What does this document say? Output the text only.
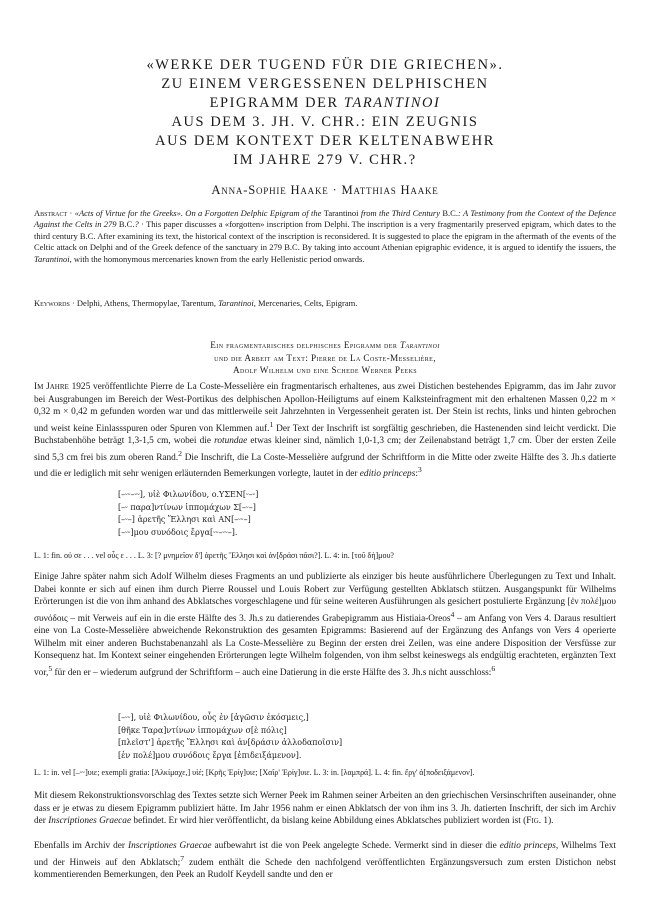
«WERKE DER TUGEND FÜR DIE GRIECHEN».
ZU EINEM VERGESSENEN DELPHISCHEN
EPIGRAMM DER TARANTINOI
AUS DEM 3. JH. V. CHR.: EIN ZEUGNIS
AUS DEM KONTEXT DER KELTENABWEHR
IM JAHRE 279 V. CHR.?
Anna-Sophie Haake · Matthias Haake
Abstract · «Acts of Virtue for the Greeks». On a Forgotten Delphic Epigram of the Tarantinoi from the Third Century B.C.: A Testimony from the Context of the Defence Against the Celts in 279 B.C.? · This paper discusses a «forgotten» inscription from Delphi. The inscription is a very fragmentarily preserved epigram, which dates to the third century B.C. After examining its text, the historical context of the inscription is reconsidered. It is suggested to place the epigram in the aftermath of the events of the Celtic attack on Delphi and of the Greek defence of the sanctuary in 279 B.C. By taking into account Athenian epigraphic evidence, it is argued to identify the issuers, the Tarantinoi, with the homonymous mercenaries known from the early Hellenistic period onwards.
Keywords · Delphi, Athens, Thermopylae, Tarentum, Tarantinoi, Mercenaries, Celts, Epigram.
Ein fragmentarisches delphisches Epigramm der Tarantinoi
und die Arbeit am Text: Pierre de La Coste-Messelière,
Adolf Wilhelm und eine Schede Werner Peeks

Im Jahre 1925 veröffentlichte Pierre de La Coste-Messelière ein fragmentarisch erhaltenes, aus zwei Distichen bestehendes Epigramm, das im Jahr zuvor bei Ausgrabungen im Bereich der West-Portikus des delphischen Apollon-Heiligtums auf einem Kalksteinfragment mit den erhaltenen Massen 0,22 m × 0,32 m × 0,42 m gefunden worden war und das mittlerweile seit Jahrzehnten in Vergessenheit geraten ist. Der Stein ist rechts, links und hinten gebrochen und weist keine Einlassspuren oder Spuren von Klemmen auf.$^1$ Der Text der Inschrift ist sorgfältig geschrieben, die Hastenenden sind leicht verdickt. Die Buchstabenhöhe beträgt 1,3-1,5 cm, wobei die rotundae etwas kleiner sind, nämlich 1,0-1,3 cm; der Zeilenabstand beträgt 1,7 cm. Über der ersten Zeile sind 5,3 cm frei bis zum oberen Rand.$^2$ Die Inschrift, die La Coste-Messelière aufgrund der Schriftform in die Mitte oder zweite Hälfte des 3. Jh.s datierte und die er lediglich mit sehr wenigen erläuternden Bemerkungen vorlegte, lautet in der editio princeps:$^3$

[–⏑⏑–⏑⏑], υἱὲ Φιλωνίδου, ο.ΥΣΕΝ[⏑–⏑]
[–⏑ παρα]ντίνων ἱππομάχων Σ[–⏑–]
[–⏑–] ἀρετῆς Ἕλλησι καὶ ΑΝ[–⏑⏑–]
[–⏑⏑]μου συνόδοις ἔργα[⏑⏑–⏑⏑–].
L. 1: fin. οὐ σε . . . vel οὖς ε . . . L. 3: [? μνημεῖον δ'] ἀρετῆς Ἕλλησι καὶ ἀν[δράσι πᾶσι?]. L. 4: in. [τοῦ δὴ]μου?

Einige Jahre später nahm sich Adolf Wilhelm dieses Fragments an und publizierte als einziger bis heute ausführlichere Überlegungen zu Text und Inhalt. Dabei konnte er sich auf einen ihm durch Pierre Roussel und Louis Robert zur Verfügung gestellten Abklatsch stützen. Ausgangspunkt für Wilhelms Erörterungen ist die von ihm anhand des Abklatsches vorgeschlagene und für seine weiteren Ausführungen als gesichert postulierte Ergänzung [ἐν πολέ]μου συνόδοις – mit Verweis auf ein in die erste Hälfte des 3. Jh.s zu datierendes Grabepigramm aus Histiaia-Oreos$^4$ – am Anfang von Vers 4. Daraus resultiert eine von La Coste-Messelière abweichende Rekonstruktion des gesamten Epigramms: Basierend auf der Ergänzung des Anfangs von Vers 4 operierte Wilhelm mit einer anderen Buchstabenanzahl als La Coste-Messelière zu Beginn der ersten drei Zeilen, was eine andere Disposition der Versfüsse zur Konsequenz hat. Im Kontext seiner eingehenden Erörterungen legte Wilhelm folgenden, von ihm selbst keineswegs als endgültig erachteten, ergänzten Text vor,$^5$ für den er – wiederum aufgrund der Schriftform – auch eine Datierung in die erste Hälfte des 3. Jh.s nicht ausschloss:$^6$

[–⏑⏑], υἱὲ Φιλωνίδου, οὗς ἐν [ἀγῶσιν ἐκόσμεις,]
[θῆκε Ταρα]ντίνων ἱππομάχων σ[ὲ πόλις]
[πλεῖστ'] ἀρετῆς Ἕλλησι καὶ ἀν[δράσιν ἀλλοδαποῖσιν]
[ἐν πολέ]μου συνόδοις ἔργα [ἐπιδειξάμενον].
L. 1: in. vel [–⏑⏑]υιε; exempli gratia: [Ἀλκίμαχε,] υἱέ; [Κρῆς Ἐρίγ]υιε; [Χαῖρ' Ἐρίγ]υιε. L. 3: in. [λαμπρά]. L. 4: fin. ἔργ' ἀ[ποδειξάμενον].

Mit diesem Rekonstruktionsvorschlag des Textes setzte sich Werner Peek im Rahmen seiner Arbeiten an den griechischen Versinschriften auseinander, ohne dass er je etwas zu diesem Epigramm publiziert hätte. Im Jahr 1956 nahm er einen Abklatsch der von ihm ins 3. Jh. datierten Inschrift, der sich im Archiv der Inscriptiones Graecae befindet. Er wird hier veröffentlicht, da bislang keine Abbildung eines Abklatsches publiziert worden ist (Fig. 1).

Ebenfalls im Archiv der Inscriptiones Graecae aufbewahrt ist die von Peek angelegte Schede. Vermerkt sind in dieser die editio princeps, Wilhelms Text und der Hinweis auf den Abklatsch;$^7$ zudem enthält die Schede den nachfolgend veröffentlichten Ergänzungsversuch zum ersten Distichon nebst kommentierenden Bemerkungen, den Peek an Rudolf Keydell sandte und den er
